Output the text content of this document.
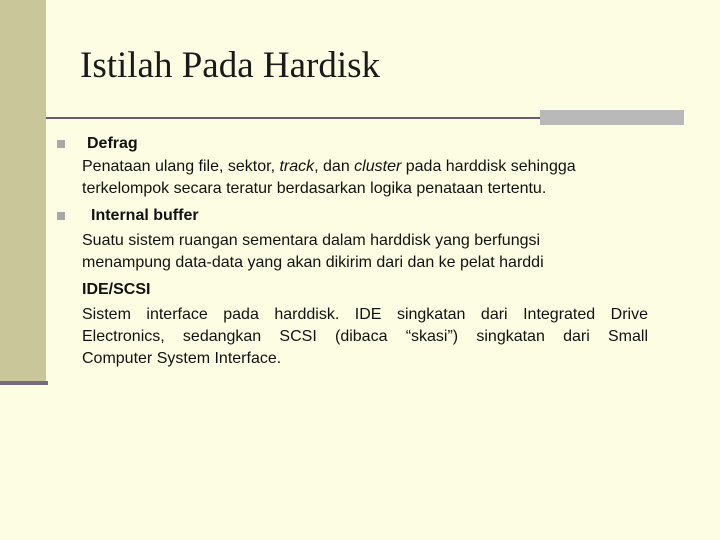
Istilah Pada Hardisk
Defrag
Penataan ulang file, sektor, track, dan cluster pada harddisk sehingga
terkelompok secara teratur berdasarkan logika penataan tertentu.
Internal buffer
Suatu sistem ruangan sementara dalam harddisk yang berfungsi
menampung data-data yang akan dikirim dari dan ke pelat harddi
IDE/SCSI
Sistem interface pada harddisk. IDE singkatan dari Integrated Drive
Electronics, sedangkan SCSI (dibaca “skasi”) singkatan dari Small
Computer System Interface.
